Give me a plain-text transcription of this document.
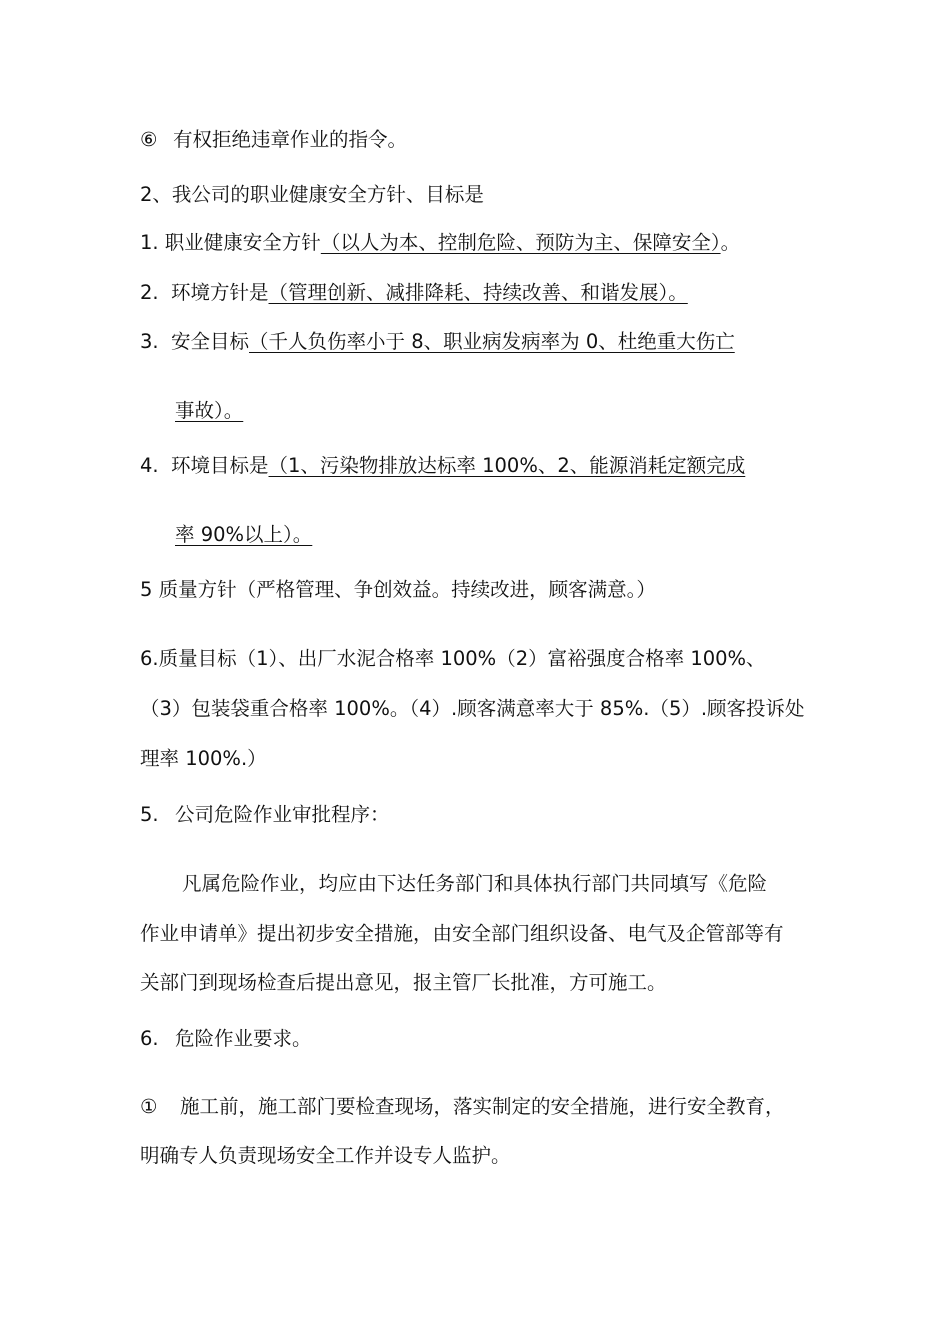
⑥ 有权拒绝违章作业的指令。
2、我公司的职业健康安全方针、目标是
1. 职业健康安全方针（以人为本、控制危险、预防为主、保障安全）。
2.  环境方针是（管理创新、减排降耗、持续改善、和谐发展）。
3.  安全目标（千人负伤率小于 8、职业病发病率为 0、杜绝重大伤亡
事故）。
4.  环境目标是（1、污染物排放达标率 100%、2、能源消耗定额完成
率 90%以上）。
5 质量方针（严格管理、争创效益。持续改进，顾客满意。）
6.质量目标（1）、出厂水泥合格率 100%（2）富裕强度合格率 100%、
（3）包装袋重合格率 100%。（4）.顾客满意率大于 85%.（5）.顾客投诉处
理率 100%.）
5. 公司危险作业审批程序：
凡属危险作业，均应由下达任务部门和具体执行部门共同填写《危险
作业申请单》提出初步安全措施，由安全部门组织设备、电气及企管部等有
关部门到现场检查后提出意见，报主管厂长批准，方可施工。
6. 危险作业要求。
① 施工前，施工部门要检查现场，落实制定的安全措施，进行安全教育，
明确专人负责现场安全工作并设专人监护。
